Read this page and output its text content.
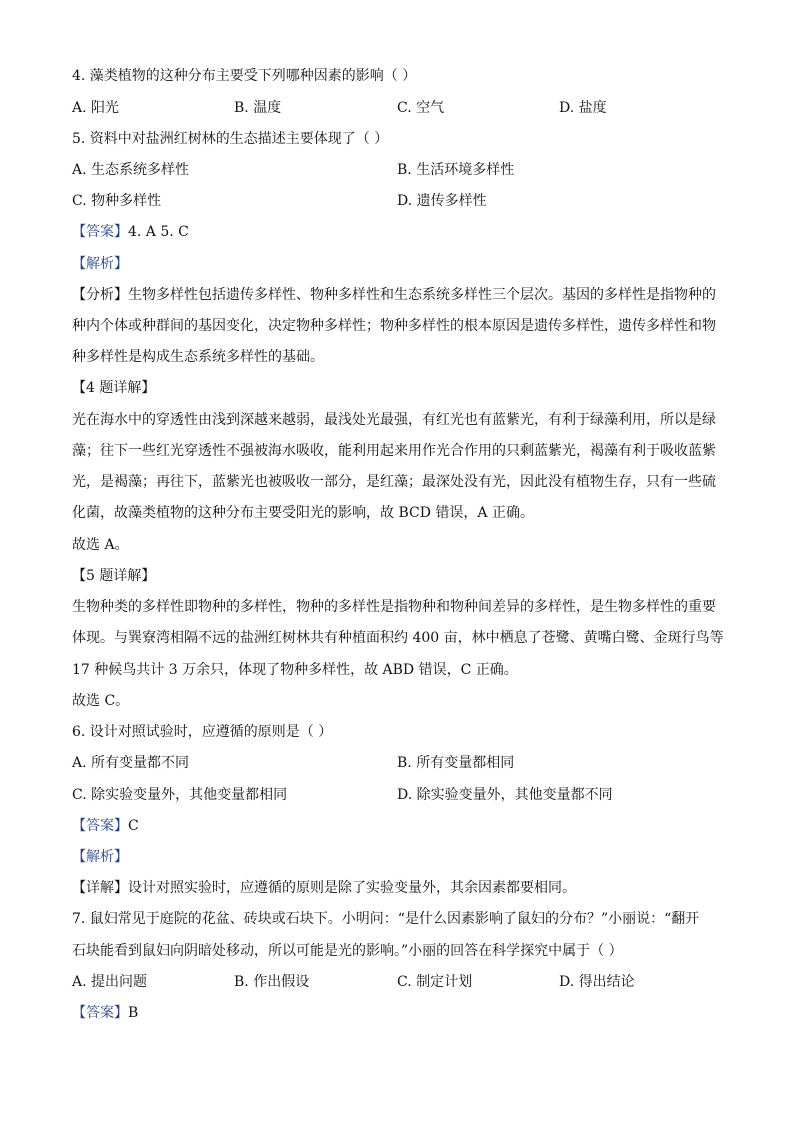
4. 藻类植物的这种分布主要受下列哪种因素的影响（ ）
A. 阳光	B. 温度	C. 空气	D. 盐度
5. 资料中对盐洲红树林的生态描述主要体现了（ ）
A. 生态系统多样性	B. 生活环境多样性
C. 物种多样性	D. 遗传多样性
【答案】4. A 5. C
【解析】
【分析】生物多样性包括遗传多样性、物种多样性和生态系统多样性三个层次。基因的多样性是指物种的
种内个体或种群间的基因变化，决定物种多样性；物种多样性的根本原因是遗传多样性，遗传多样性和物
种多样性是构成生态系统多样性的基础。
【4 题详解】
光在海水中的穿透性由浅到深越来越弱，最浅处光最强，有红光也有蓝紫光，有利于绿藻利用，所以是绿
藻；往下一些红光穿透性不强被海水吸收，能利用起来用作光合作用的只剩蓝紫光，褐藻有利于吸收蓝紫
光，是褐藻；再往下，蓝紫光也被吸收一部分，是红藻；最深处没有光，因此没有植物生存，只有一些硫
化菌，故藻类植物的这种分布主要受阳光的影响，故 BCD 错误，A 正确。
故选 A。
【5 题详解】
生物种类的多样性即物种的多样性，物种的多样性是指物种和物种间差异的多样性，是生物多样性的重要
体现。与巽寮湾相隔不远的盐洲红树林共有种植面积约 400 亩，林中栖息了苍鹭、黄嘴白鹭、金斑行鸟等
17 种候鸟共计 3 万余只，体现了物种多样性，故 ABD 错误，C 正确。
故选 C。
6. 设计对照试验时，应遵循的原则是（ ）
A. 所有变量都不同	B. 所有变量都相同
C. 除实验变量外，其他变量都相同	D. 除实验变量外，其他变量都不同
【答案】C
【解析】
【详解】设计对照实验时，应遵循的原则是除了实验变量外，其余因素都要相同。
7. 鼠妇常见于庭院的花盆、砖块或石块下。小明问：“是什么因素影响了鼠妇的分布？”小丽说：“翻开
石块能看到鼠妇向阴暗处移动，所以可能是光的影响。”小丽的回答在科学探究中属于（ ）
A. 提出问题	B. 作出假设	C. 制定计划	D. 得出结论
【答案】B
